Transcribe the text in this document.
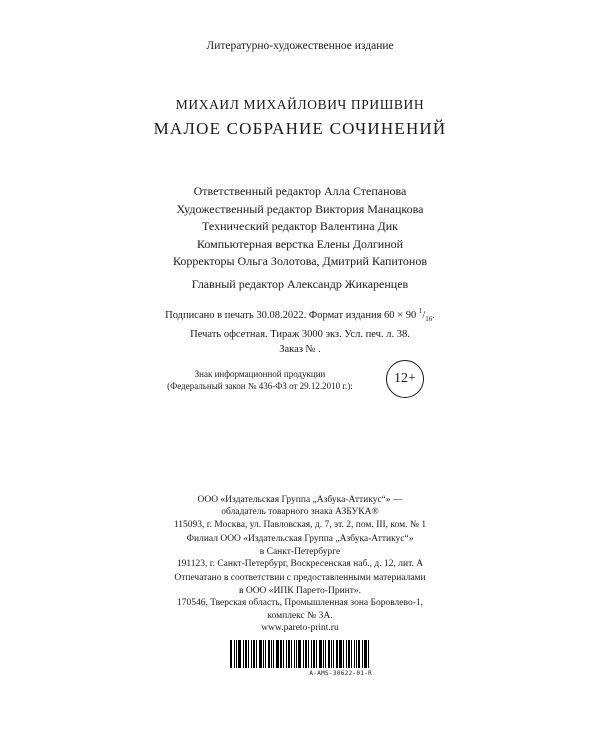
Литературно-художественное издание
МИХАИЛ МИХАЙЛОВИЧ ПРИШВИН
МАЛОЕ СОБРАНИЕ СОЧИНЕНИЙ
Ответственный редактор Алла Степанова
Художественный редактор Виктория Манацкова
Технический редактор Валентина Дик
Компьютерная верстка Елены Долгиной
Корректоры Ольга Золотова, Дмитрий Капитонов
Главный редактор Александр Жикаренцев
Подписано в печать 30.08.2022. Формат издания 60 × 90 $^1/_{16}$.
Печать офсетная. Тираж 3000 экз. Усл. печ. л. 38.
Заказ № .
Знак информационной продукции
(Федеральный закон № 436-ФЗ от 29.12.2010 г.):	12+
ООО «Издательская Группа „Азбука-Аттикус“» —
обладатель товарного знака АЗБУКА®
115093, г. Москва, ул. Павловская, д. 7, эт. 2, пом. III, ком. № 1
Филиал ООО «Издательская Группа „Азбука-Аттикус“»
в Санкт-Петербурге
191123, г. Санкт-Петербург, Воскресенская наб., д. 12, лит. А
Отпечатано в соответствии с предоставленными материалами
в ООО «ИПК Парето-Принт».
170546, Тверская область, Промышленная зона Боровлево-1,
комплекс № 3А.
www.pareto-print.ru
A-AMS-30622-01-R
